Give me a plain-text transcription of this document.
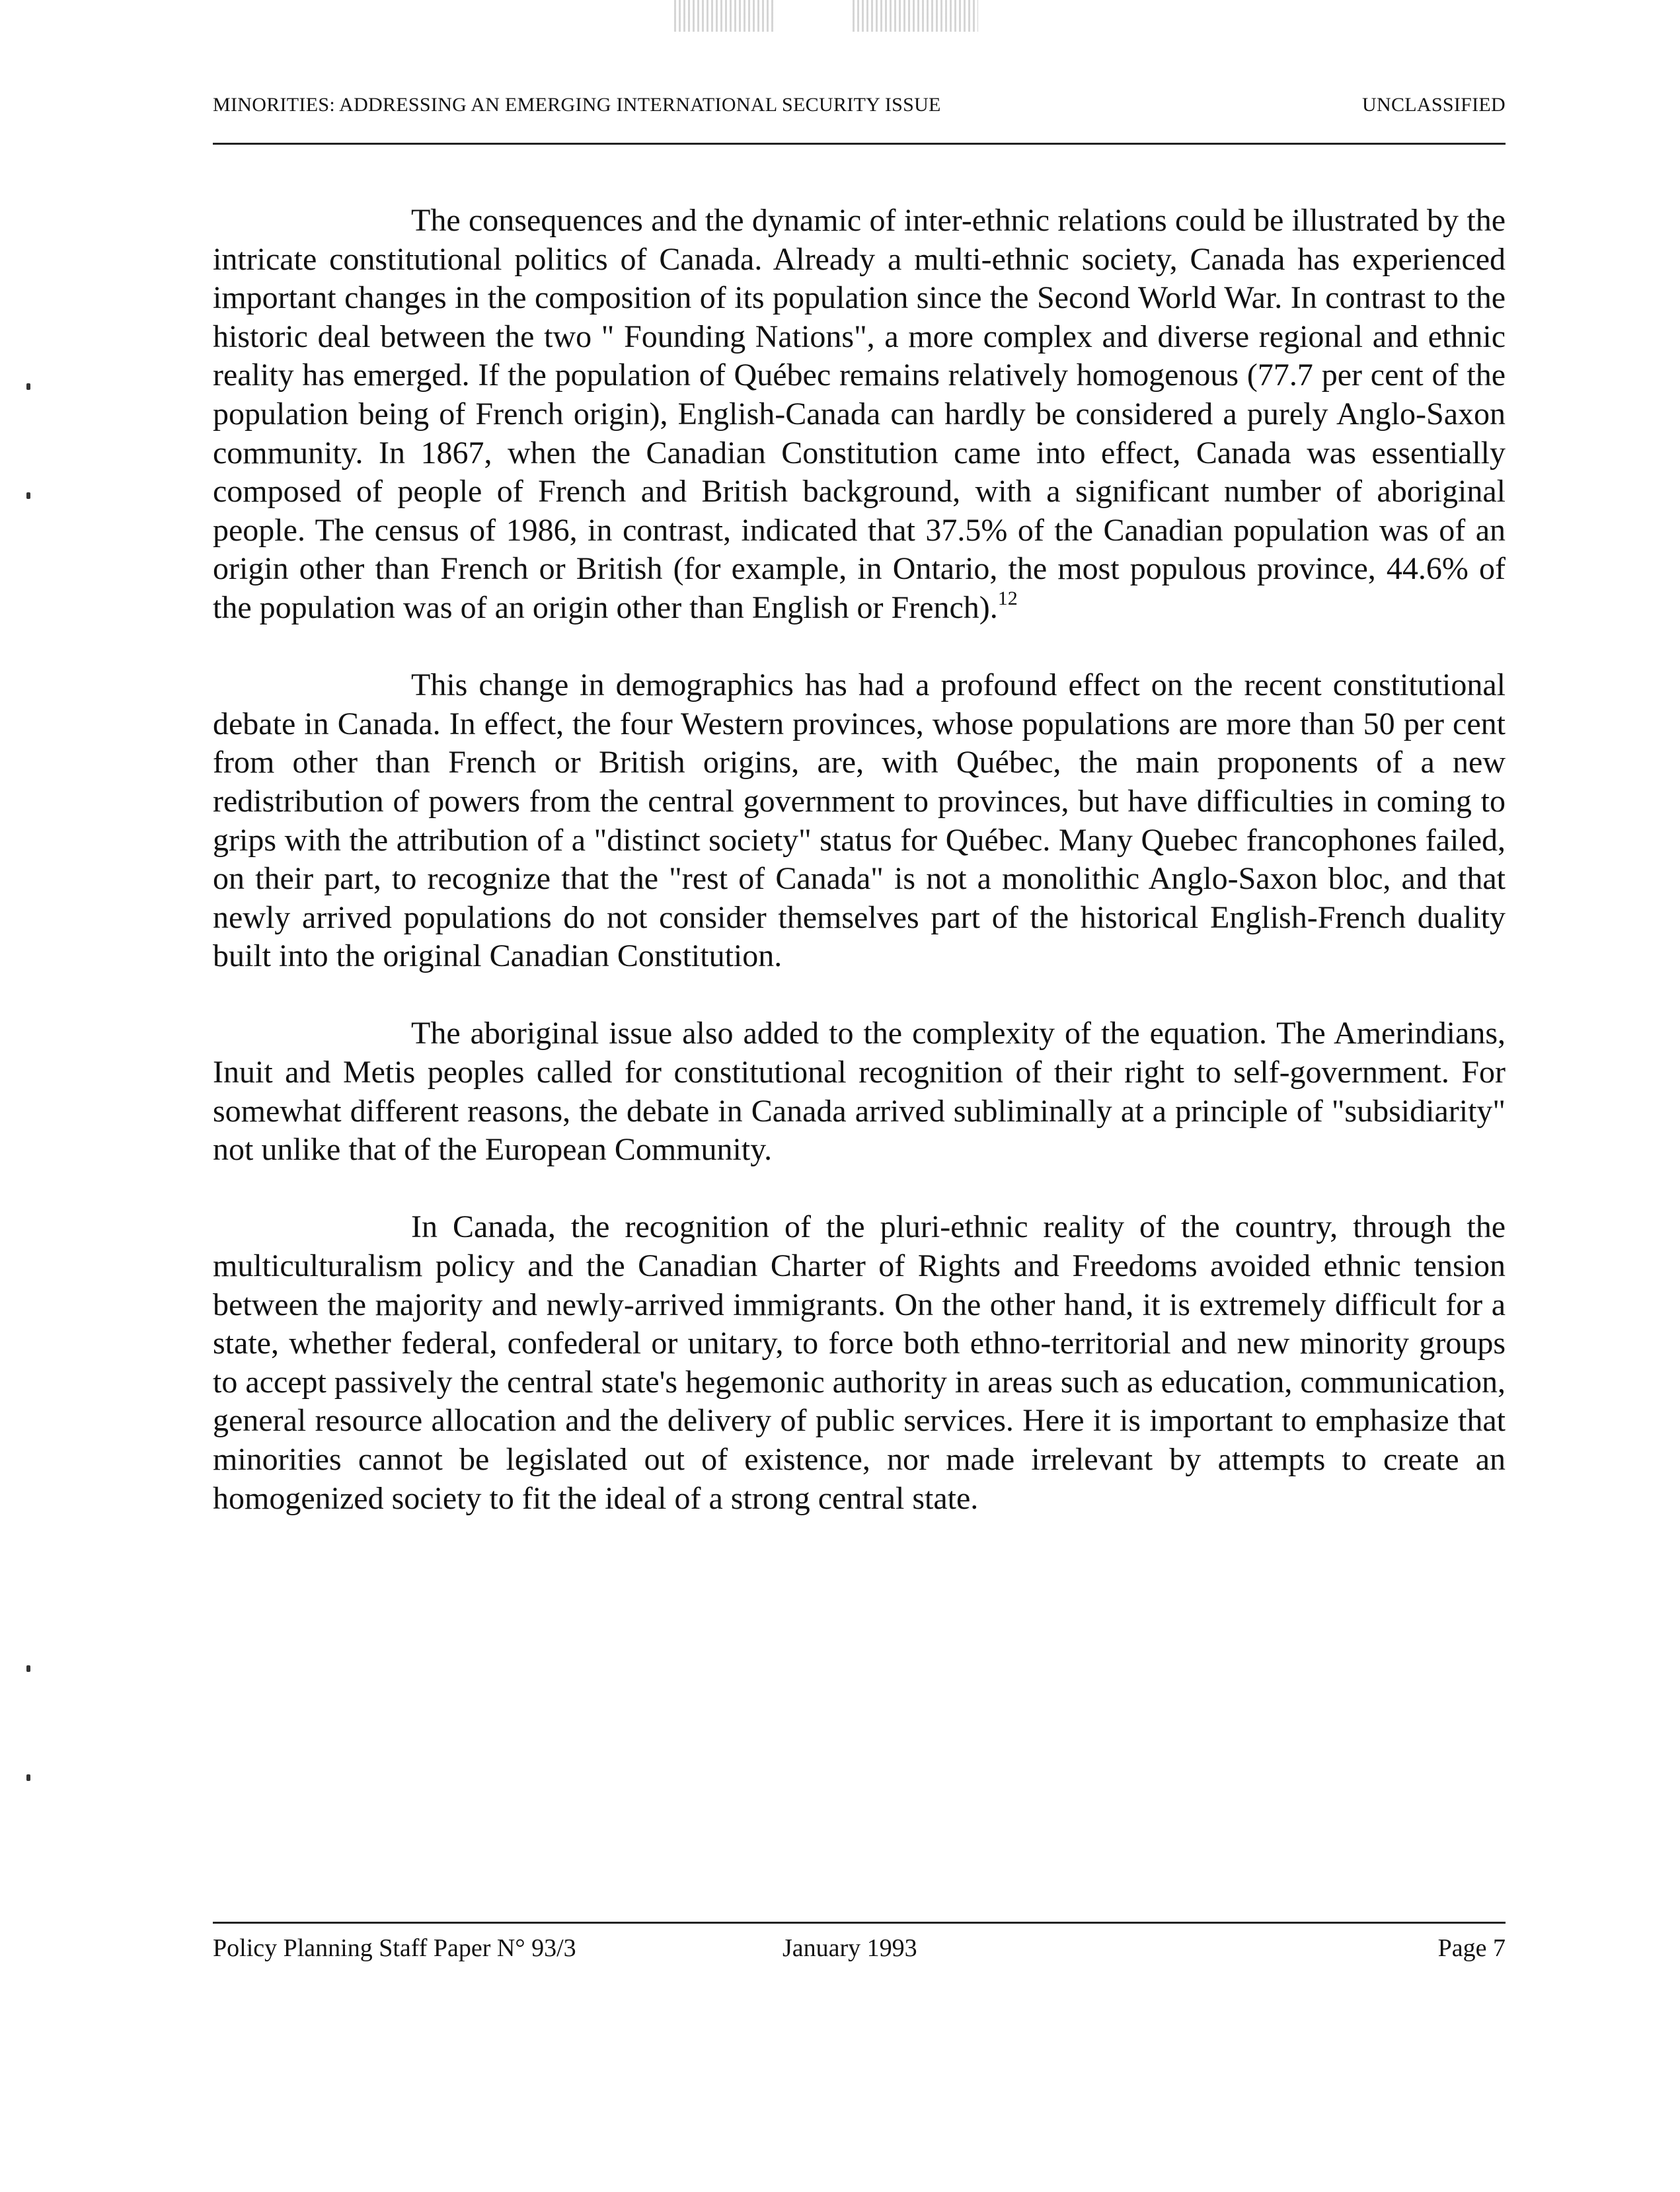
MINORITIES: ADDRESSING AN EMERGING INTERNATIONAL SECURITY ISSUE	UNCLASSIFIED

The consequences and the dynamic of inter-ethnic relations could be illustrated by the intricate constitutional politics of Canada. Already a multi-ethnic society, Canada has experienced important changes in the composition of its population since the Second World War. In contrast to the historic deal between the two " Founding Nations", a more complex and diverse regional and ethnic reality has emerged. If the population of Québec remains relatively homogenous (77.7 per cent of the population being of French origin), English-Canada can hardly be considered a purely Anglo-Saxon community. In 1867, when the Canadian Constitution came into effect, Canada was essentially composed of people of French and British background, with a significant number of aboriginal people. The census of 1986, in contrast, indicated that 37.5% of the Canadian population was of an origin other than French or British (for example, in Ontario, the most populous province, 44.6% of the population was of an origin other than English or French).$^{12}$

This change in demographics has had a profound effect on the recent constitutional debate in Canada. In effect, the four Western provinces, whose populations are more than 50 per cent from other than French or British origins, are, with Québec, the main proponents of a new redistribution of powers from the central government to provinces, but have difficulties in coming to grips with the attribution of a "distinct society" status for Québec. Many Quebec francophones failed, on their part, to recognize that the "rest of Canada" is not a monolithic Anglo-Saxon bloc, and that newly arrived populations do not consider themselves part of the historical English-French duality built into the original Canadian Constitution.

The aboriginal issue also added to the complexity of the equation. The Amerindians, Inuit and Metis peoples called for constitutional recognition of their right to self-government. For somewhat different reasons, the debate in Canada arrived subliminally at a principle of "subsidiarity" not unlike that of the European Community.

In Canada, the recognition of the pluri-ethnic reality of the country, through the multiculturalism policy and the Canadian Charter of Rights and Freedoms avoided ethnic tension between the majority and newly-arrived immigrants. On the other hand, it is extremely difficult for a state, whether federal, confederal or unitary, to force both ethno-territorial and new minority groups to accept passively the central state's hegemonic authority in areas such as education, communication, general resource allocation and the delivery of public services. Here it is important to emphasize that minorities cannot be legislated out of existence, nor made irrelevant by attempts to create an homogenized society to fit the ideal of a strong central state.

Policy Planning Staff Paper N° 93/3	January 1993	Page 7
